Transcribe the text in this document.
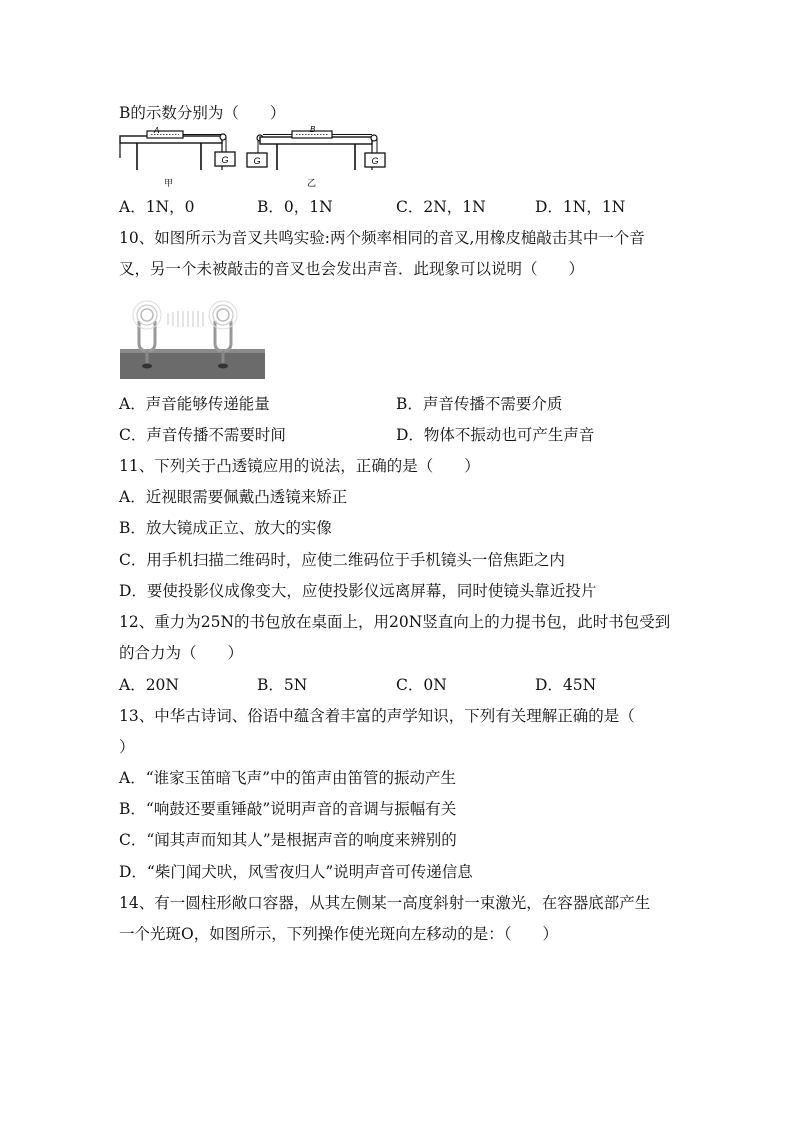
B的示数分别为（　　）
G
A
甲
G	G
B
乙
A．1N，0	B．0，1N	C．2N，1N	D．1N，1N
10、如图所示为音叉共鸣实验:两个频率相同的音叉,用橡皮槌敲击其中一个音
叉，另一个未被敲击的音叉也会发出声音．此现象可以说明（　　）
A．声音能够传递能量	B．声音传播不需要介质
C．声音传播不需要时间	D．物体不振动也可产生声音
11、下列关于凸透镜应用的说法，正确的是（　　）
A．近视眼需要佩戴凸透镜来矫正
B．放大镜成正立、放大的实像
C．用手机扫描二维码时，应使二维码位于手机镜头一倍焦距之内
D．要使投影仪成像变大，应使投影仪远离屏幕，同时使镜头靠近投片
12、重力为25N的书包放在桌面上，用20N竖直向上的力提书包，此时书包受到
的合力为（　　）
A．20N	B．5N	C．0N	D．45N
13、中华古诗词、俗语中蕴含着丰富的声学知识，下列有关理解正确的是（
）
A．“谁家玉笛暗飞声”中的笛声由笛管的振动产生
B．“响鼓还要重锤敲”说明声音的音调与振幅有关
C．“闻其声而知其人”是根据声音的响度来辨别的
D．“柴门闻犬吠，风雪夜归人”说明声音可传递信息
14、有一圆柱形敞口容器，从其左侧某一高度斜射一束激光，在容器底部产生
一个光斑O，如图所示，下列操作使光斑向左移动的是：（　　）
